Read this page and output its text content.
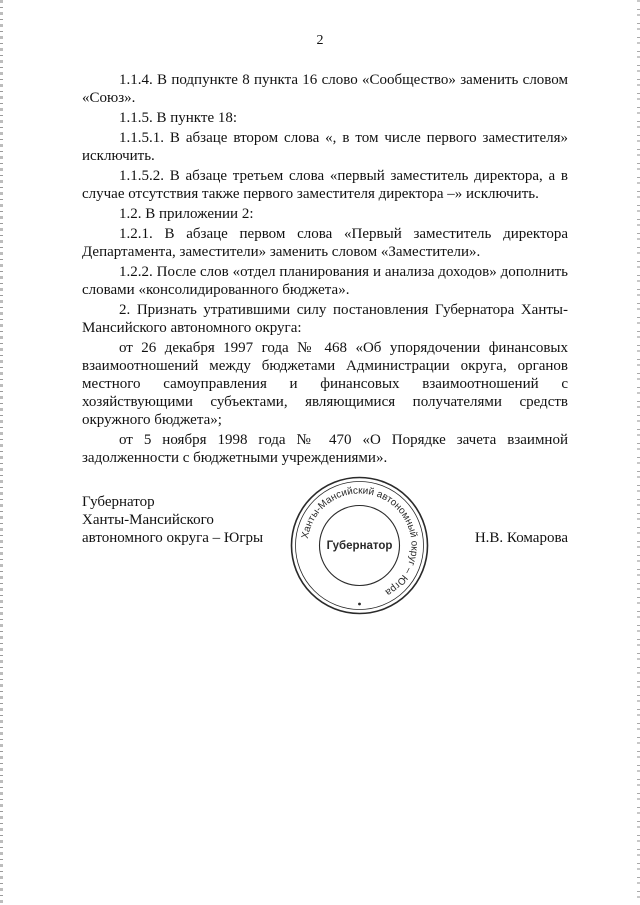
2

1.1.4. В подпункте 8 пункта 16 слово «Сообщество» заменить словом «Союз».

1.1.5. В пункте 18:

1.1.5.1. В абзаце втором слова «, в том числе первого заместителя» исключить.

1.1.5.2. В абзаце третьем слова «первый заместитель директора, а в случае отсутствия также первого заместителя директора –» исключить.

1.2. В приложении 2:

1.2.1. В абзаце первом слова «Первый заместитель директора Департамента, заместители» заменить словом «Заместители».

1.2.2. После слов «отдел планирования и анализа доходов» дополнить словами «консолидированного бюджета».

2. Признать утратившими силу постановления Губернатора Ханты-Мансийского автономного округа:

от 26 декабря 1997 года № 468 «Об упорядочении финансовых взаимоотношений между бюджетами Администрации округа, органов местного самоуправления и финансовых взаимоотношений с хозяйствующими субъектами, являющимися получателями средств окружного бюджета»;

от 5 ноября 1998 года № 470 «О Порядке зачета взаимной задолженности с бюджетными учреждениями».

Губернатор
Ханты-Мансийского
автономного округа – Югры	Ханты-Мансийский автономный округ – Югра
Губернатор	Н.В. Комарова
